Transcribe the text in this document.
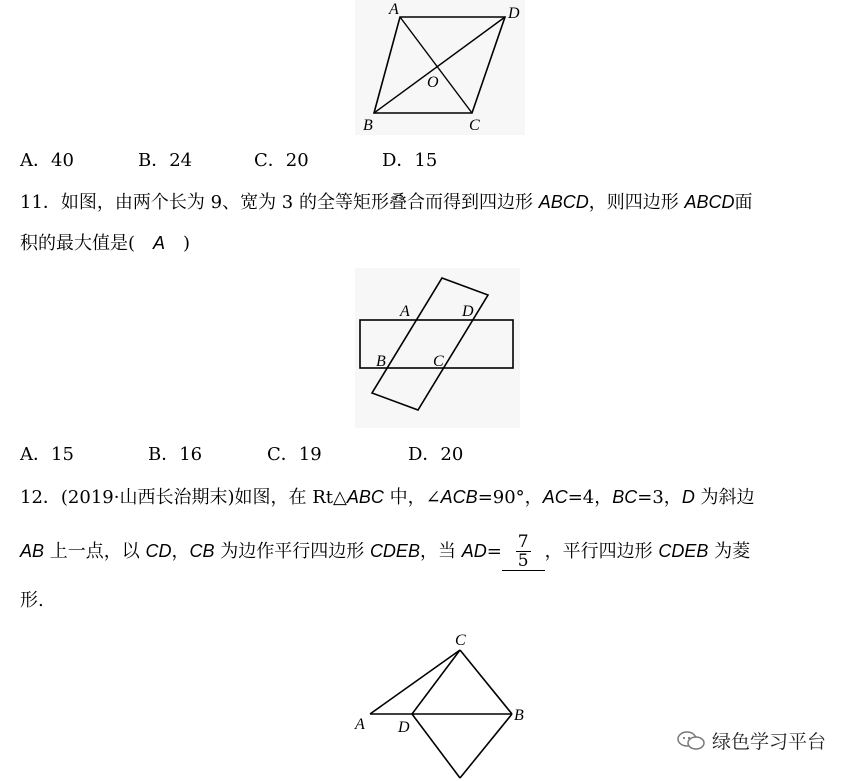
A	D
O
B	C
A．40	B．24	C．20	D．15
11．如图，由两个长为 9、宽为 3 的全等矩形叠合而得到四边形 ABCD，则四边形 ABCD面
积的最大值是(　A　)
A	D
B	C
A．15	B．16	C．19	D．20
12．(2019·山西长治期末)如图，在 Rt△ABC 中，∠ACB=90°，AC=4，BC=3，D 为斜边
AB 上一点，以 CD，CB 为边作平行四边形 CDEB，当 $AD= \frac{7}{5}$ ，平行四边形 CDEB 为菱
形.
C
A D
B
绿色学习平台
